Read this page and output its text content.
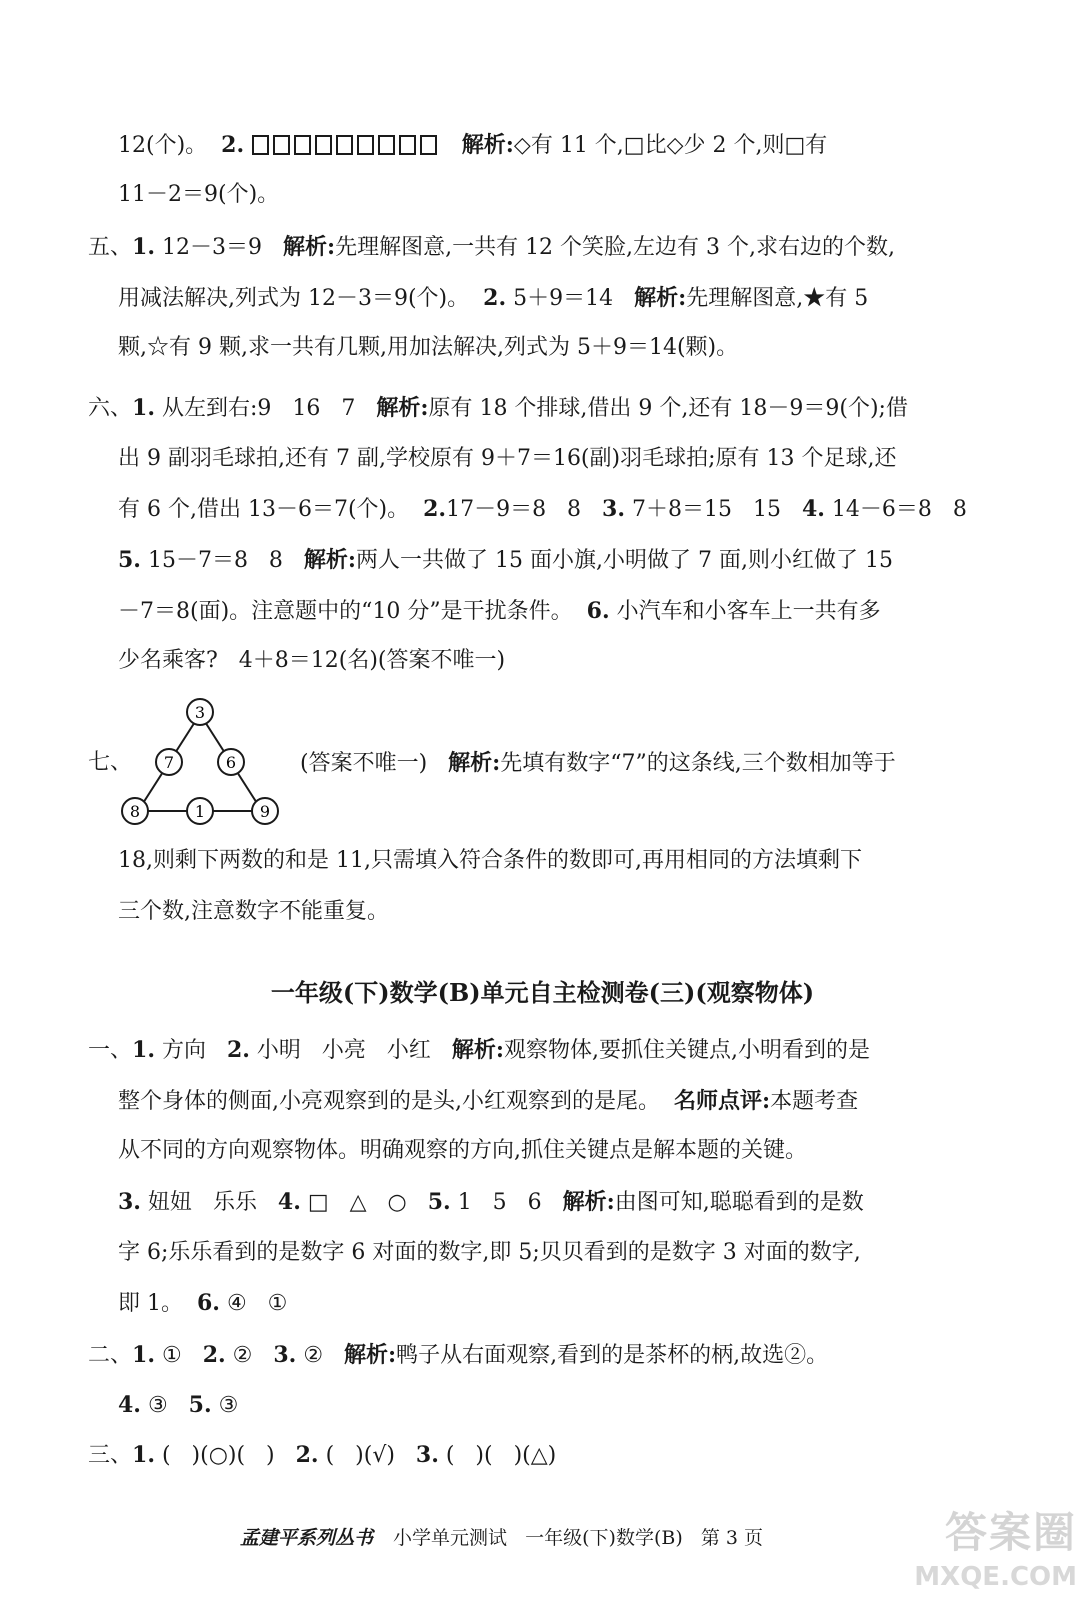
12(个)。  2.	解析:◇有 11 个,□比◇少 2 个,则□有
11－2＝9(个)。
五、1. 12－3＝9   解析:先理解图意,一共有 12 个笑脸,左边有 3 个,求右边的个数,
用减法解决,列式为 12－3＝9(个)。  2. 5＋9＝14   解析:先理解图意,★有 5
颗,☆有 9 颗,求一共有几颗,用加法解决,列式为 5＋9＝14(颗)。
六、1. 从左到右:9   16   7   解析:原有 18 个排球,借出 9 个,还有 18－9＝9(个);借
出 9 副羽毛球拍,还有 7 副,学校原有 9＋7＝16(副)羽毛球拍;原有 13 个足球,还
有 6 个,借出 13－6＝7(个)。  2.17－9＝8   8   3. 7＋8＝15   15   4. 14－6＝8   8
5. 15－7＝8   8   解析:两人一共做了 15 面小旗,小明做了 7 面,则小红做了 15
－7＝8(面)。注意题中的“10 分”是干扰条件。  6. 小汽车和小客车上一共有多
少名乘客?   4＋8＝12(名)(答案不唯一)
七、
3
7	6
8	1	9
(答案不唯一)   解析:先填有数字“7”的这条线,三个数相加等于
18,则剩下两数的和是 11,只需填入符合条件的数即可,再用相同的方法填剩下
三个数,注意数字不能重复。
一年级(下)数学(B)单元自主检测卷(三)(观察物体)
一、1. 方向   2. 小明   小亮   小红   解析:观察物体,要抓住关键点,小明看到的是
整个身体的侧面,小亮观察到的是头,小红观察到的是尾。  名师点评:本题考查
从不同的方向观察物体。明确观察的方向,抓住关键点是解本题的关键。
3. 妞妞   乐乐   4. □   △   ○   5. 1   5   6   解析:由图可知,聪聪看到的是数
字 6;乐乐看到的是数字 6 对面的数字,即 5;贝贝看到的是数字 3 对面的数字,
即 1。  6. ④   ①
二、1. ①   2. ②   3. ②   解析:鸭子从右面观察,看到的是茶杯的柄,故选②。
4. ③   5. ③
三、1. (   )(○)(   )   2. (   )(√)   3. (   )(   )(△)
孟建平系列丛书 小学单元测试   一年级(下)数学(B)   第 3 页	答案圈
MXQE.COM
